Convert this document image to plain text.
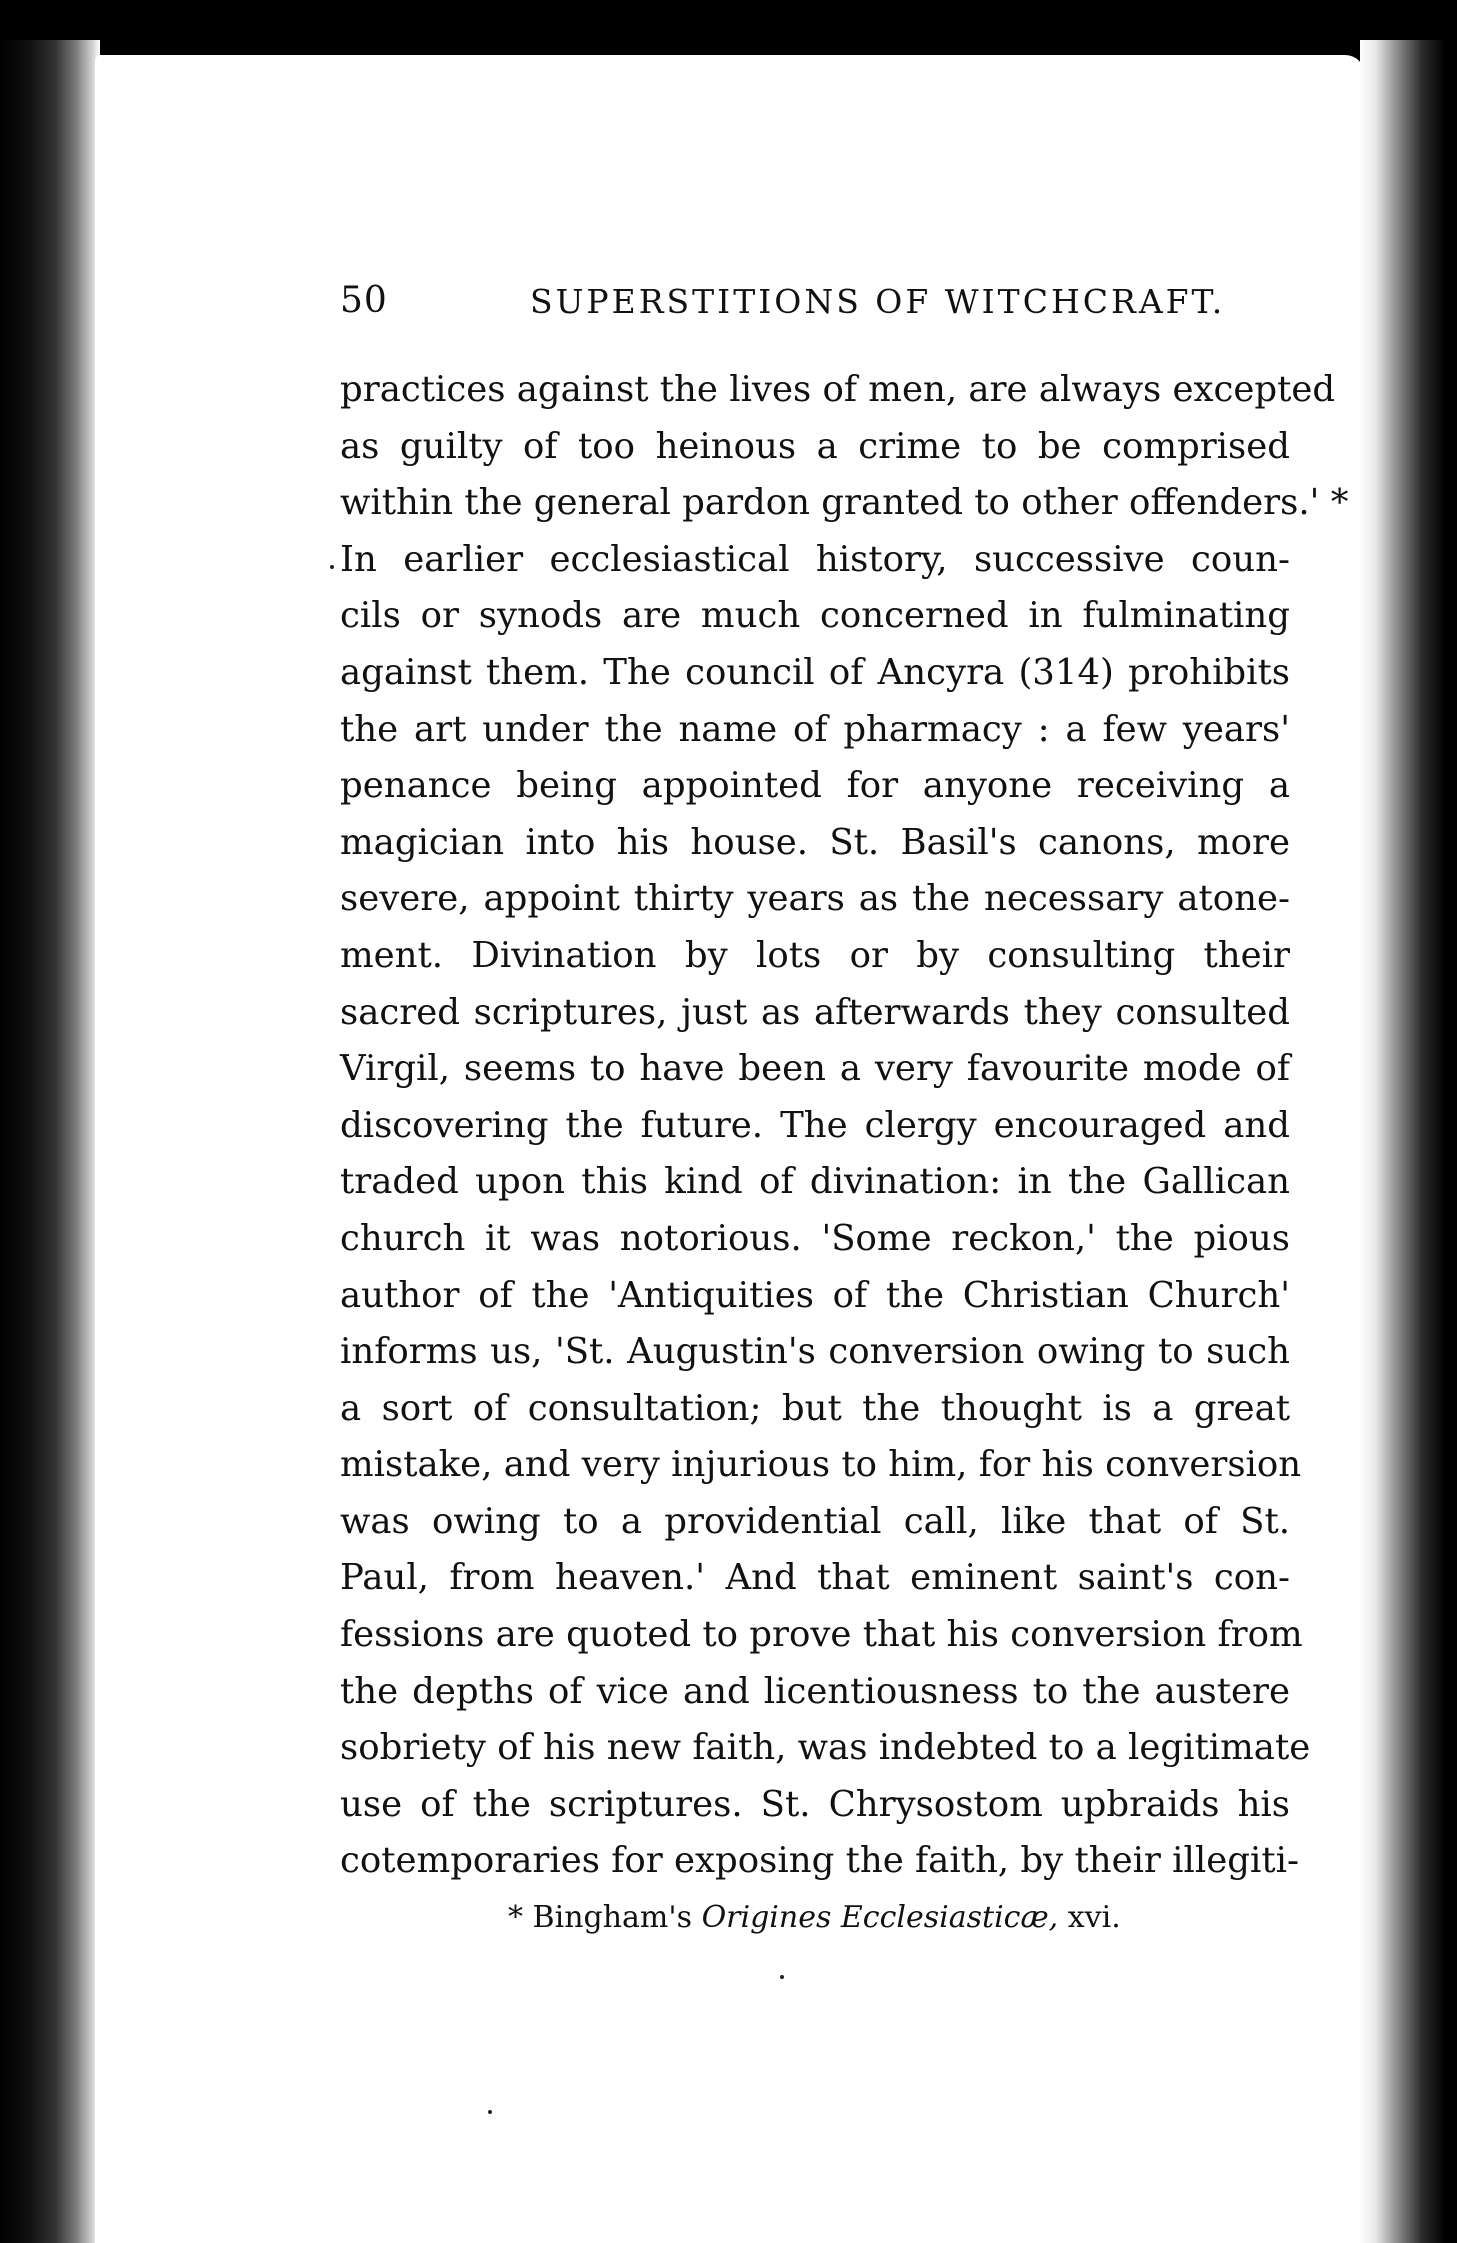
50	SUPERSTITIONS OF WITCHCRAFT.
practices against the lives of men, are always excepted
as guilty of too heinous a crime to be comprised
within the general pardon granted to other offenders.' *
In earlier ecclesiastical history, successive coun-
cils or synods are much concerned in fulminating
against them. The council of Ancyra (314) prohibits
the art under the name of pharmacy : a few years'
penance being appointed for anyone receiving a
magician into his house. St. Basil's canons, more
severe, appoint thirty years as the necessary atone-
ment. Divination by lots or by consulting their
sacred scriptures, just as afterwards they consulted
Virgil, seems to have been a very favourite mode of
discovering the future. The clergy encouraged and
traded upon this kind of divination: in the Gallican
church it was notorious. 'Some reckon,' the pious
author of the 'Antiquities of the Christian Church'
informs us, 'St. Augustin's conversion owing to such
a sort of consultation; but the thought is a great
mistake, and very injurious to him, for his conversion
was owing to a providential call, like that of St.
Paul, from heaven.' And that eminent saint's con-
fessions are quoted to prove that his conversion from
the depths of vice and licentiousness to the austere
sobriety of his new faith, was indebted to a legitimate
use of the scriptures. St. Chrysostom upbraids his
cotemporaries for exposing the faith, by their illegiti-
* Bingham's Origines Ecclesiasticæ, xvi.
